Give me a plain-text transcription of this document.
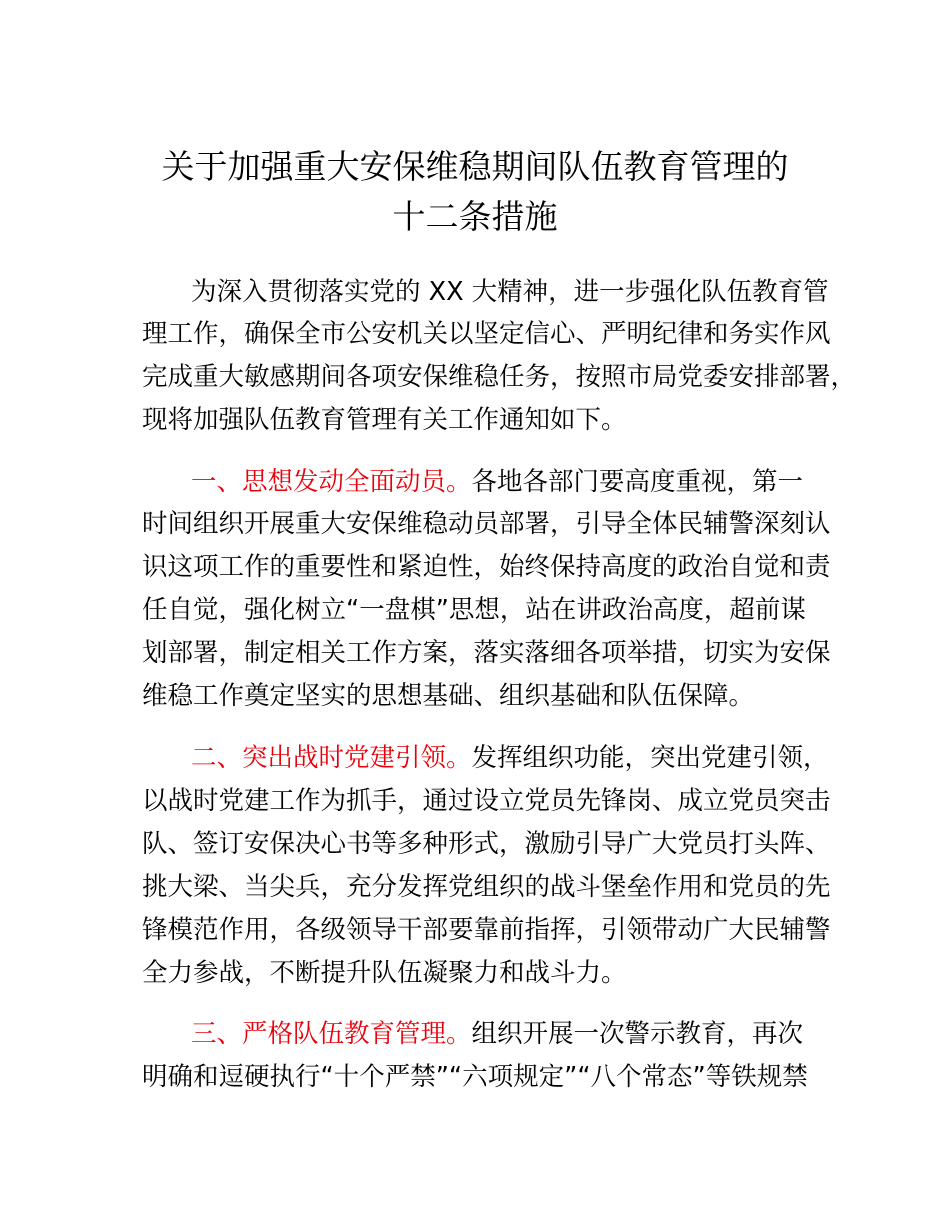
关于加强重大安保维稳期间队伍教育管理的
十二条措施

为深入贯彻落实党的 XX 大精神，进一步强化队伍教育管

理工作，确保全市公安机关以坚定信心、严明纪律和务实作风

完成重大敏感期间各项安保维稳任务，按照市局党委安排部署，

现将加强队伍教育管理有关工作通知如下。

一、思想发动全面动员。各地各部门要高度重视，第一

时间组织开展重大安保维稳动员部署，引导全体民辅警深刻认

识这项工作的重要性和紧迫性，始终保持高度的政治自觉和责

任自觉，强化树立“一盘棋”思想，站在讲政治高度，超前谋

划部署，制定相关工作方案，落实落细各项举措，切实为安保

维稳工作奠定坚实的思想基础、组织基础和队伍保障。

二、突出战时党建引领。发挥组织功能，突出党建引领，

以战时党建工作为抓手，通过设立党员先锋岗、成立党员突击

队、签订安保决心书等多种形式，激励引导广大党员打头阵、

挑大梁、当尖兵，充分发挥党组织的战斗堡垒作用和党员的先

锋模范作用，各级领导干部要靠前指挥，引领带动广大民辅警

全力参战，不断提升队伍凝聚力和战斗力。

三、严格队伍教育管理。组织开展一次警示教育，再次

明确和逗硬执行“十个严禁”“六项规定”“八个常态”等铁规禁
